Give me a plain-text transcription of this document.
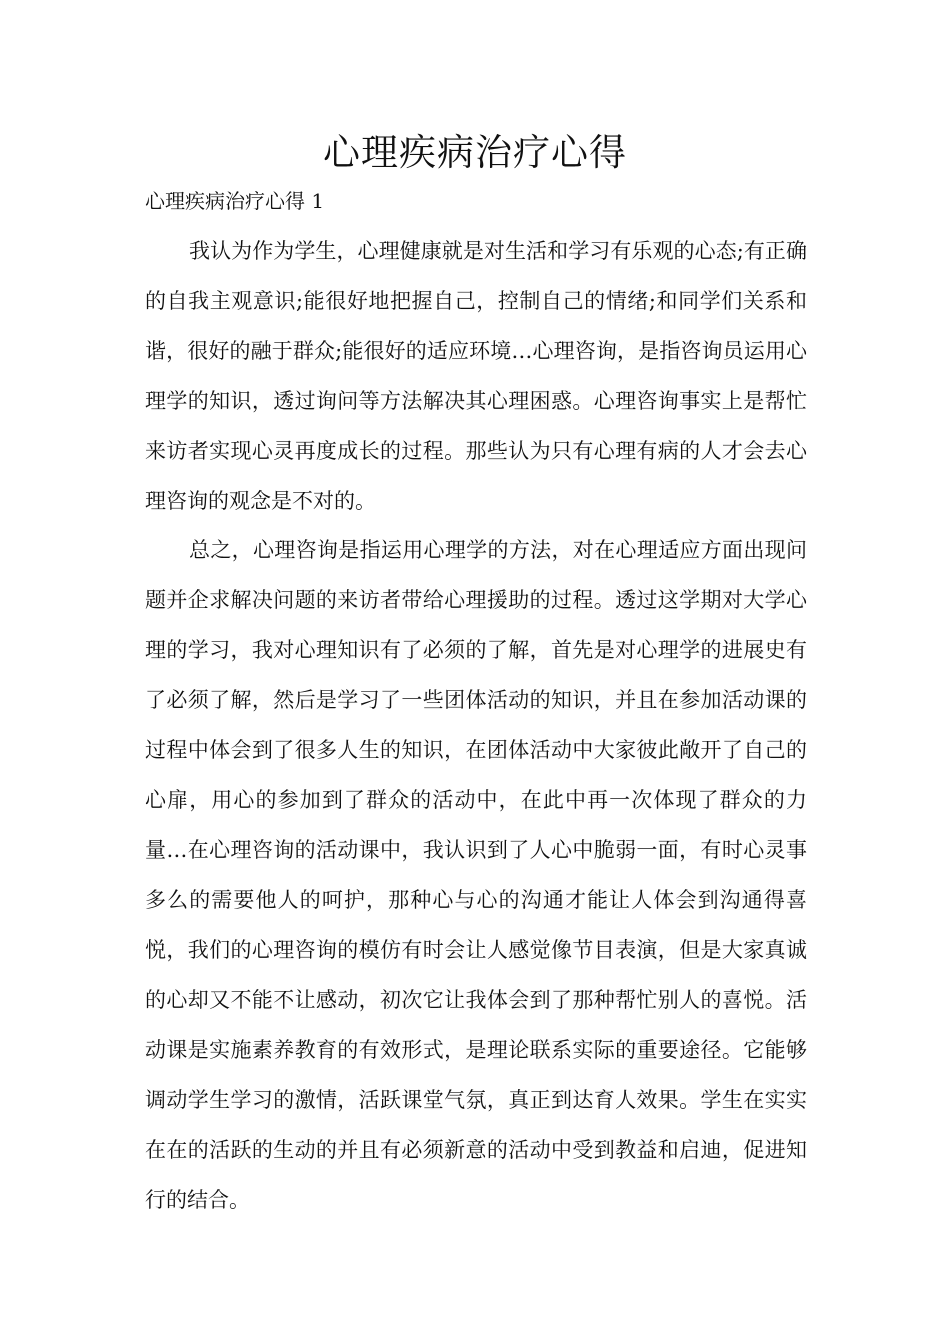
心理疾病治疗心得

心理疾病治疗心得 1

我认为作为学生，心理健康就是对生活和学习有乐观的心态;有正确的自我主观意识;能很好地把握自己，控制自己的情绪;和同学们关系和谐，很好的融于群众;能很好的适应环境…心理咨询，是指咨询员运用心理学的知识，透过询问等方法解决其心理困惑。心理咨询事实上是帮忙来访者实现心灵再度成长的过程。那些认为只有心理有病的人才会去心理咨询的观念是不对的。

总之，心理咨询是指运用心理学的方法，对在心理适应方面出现问题并企求解决问题的来访者带给心理援助的过程。透过这学期对大学心理的学习，我对心理知识有了必须的了解，首先是对心理学的进展史有了必须了解，然后是学习了一些团体活动的知识，并且在参加活动课的过程中体会到了很多人生的知识，在团体活动中大家彼此敞开了自己的心扉，用心的参加到了群众的活动中，在此中再一次体现了群众的力量…在心理咨询的活动课中，我认识到了人心中脆弱一面，有时心灵事多么的需要他人的呵护，那种心与心的沟通才能让人体会到沟通得喜悦，我们的心理咨询的模仿有时会让人感觉像节目表演，但是大家真诚的心却又不能不让感动，初次它让我体会到了那种帮忙别人的喜悦。活动课是实施素养教育的有效形式，是理论联系实际的重要途径。它能够调动学生学习的激情，活跃课堂气氛，真正到达育人效果。学生在实实在在的活跃的生动的并且有必须新意的活动中受到教益和启迪，促进知行的结合。
